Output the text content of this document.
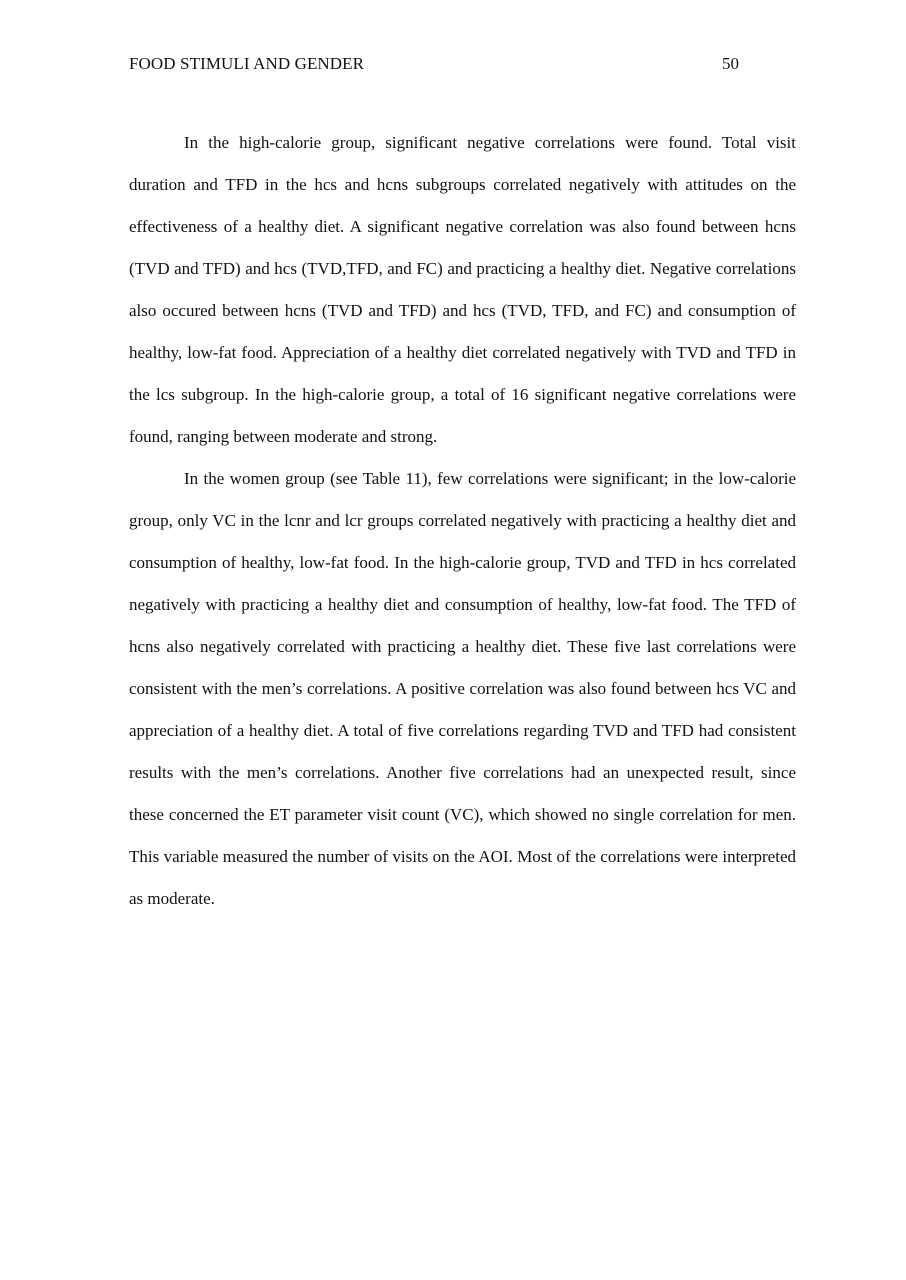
FOOD STIMULI AND GENDER	50

In the high-calorie group, significant negative correlations were found. Total visit duration and TFD in the hcs and hcns subgroups correlated negatively with attitudes on the effectiveness of a healthy diet. A significant negative correlation was also found between hcns (TVD and TFD) and hcs (TVD,TFD, and FC) and practicing a healthy diet. Negative correlations also occured between hcns (TVD and TFD) and hcs (TVD, TFD, and FC) and consumption of healthy, low-fat food. Appreciation of a healthy diet correlated negatively with TVD and TFD in the lcs subgroup. In the high-calorie group, a total of 16 significant negative correlations were found, ranging between moderate and strong.

In the women group (see Table 11), few correlations were significant; in the low-calorie group, only VC in the lcnr and lcr groups correlated negatively with practicing a healthy diet and consumption of healthy, low-fat food. In the high-calorie group, TVD and TFD in hcs correlated negatively with practicing a healthy diet and consumption of healthy, low-fat food. The TFD of hcns also negatively correlated with practicing a healthy diet. These five last correlations were consistent with the men’s correlations. A positive correlation was also found between hcs VC and appreciation of a healthy diet. A total of five correlations regarding TVD and TFD had consistent results with the men’s correlations. Another five correlations had an unexpected result, since these concerned the ET parameter visit count (VC), which showed no single correlation for men. This variable measured the number of visits on the AOI. Most of the correlations were interpreted as moderate.
